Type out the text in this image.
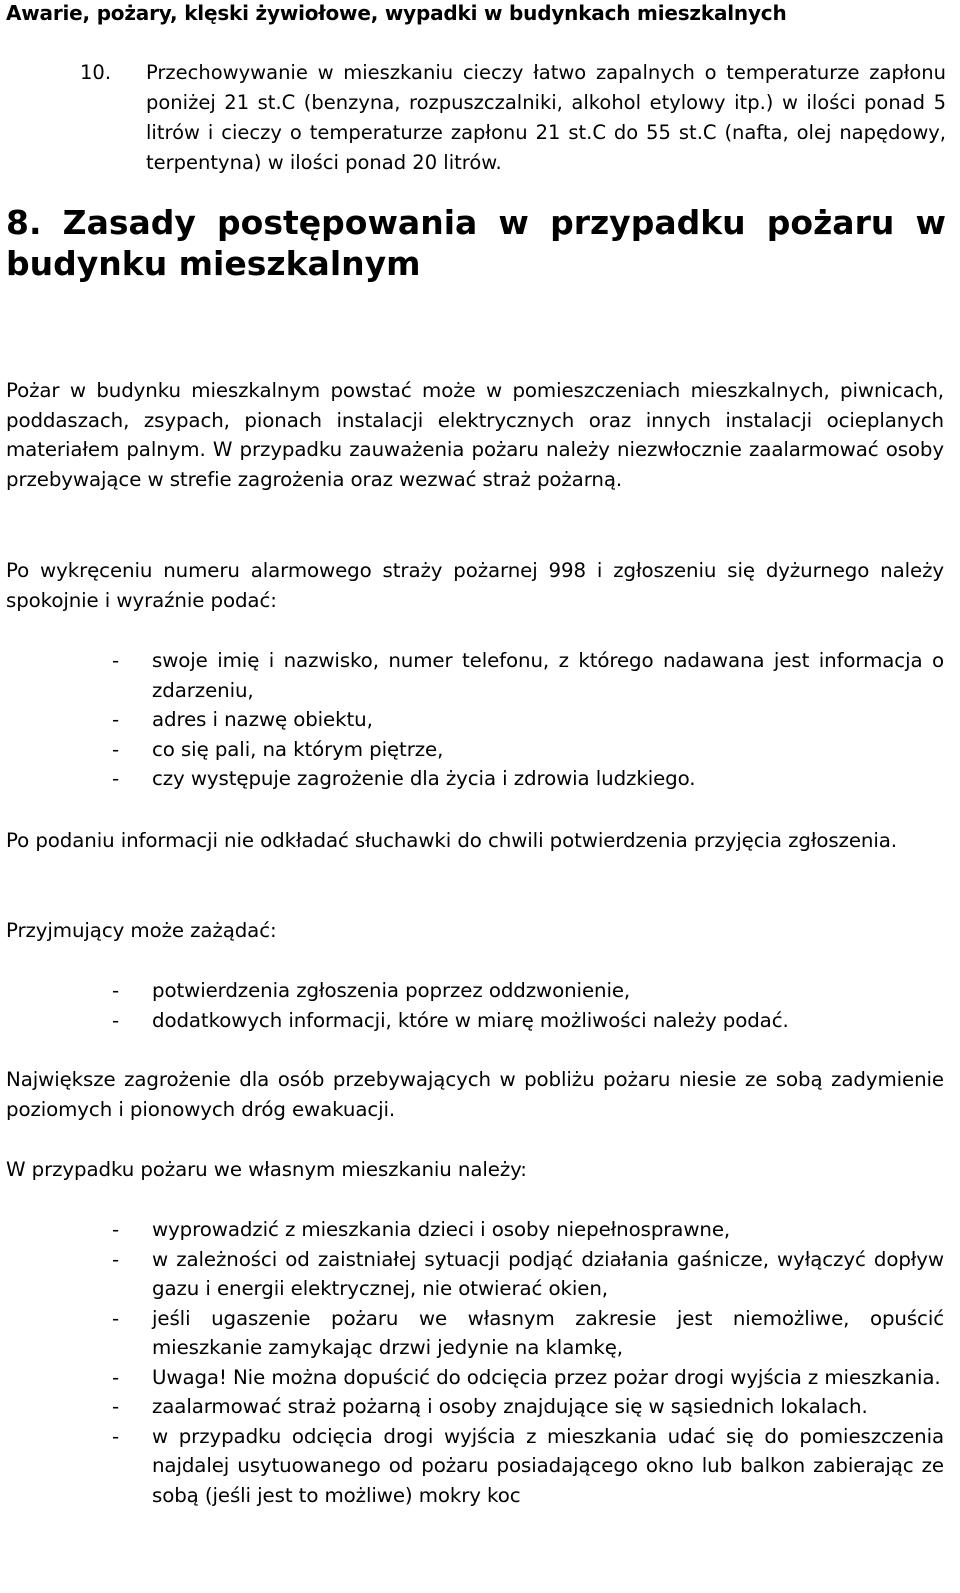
Awarie, pożary, klęski żywiołowe, wypadki w budynkach mieszkalnych
10. Przechowywanie w mieszkaniu cieczy łatwo zapalnych o temperaturze zapłonu poniżej 21 st.C (benzyna, rozpuszczalniki, alkohol etylowy itp.) w ilości ponad 5 litrów i cieczy o temperaturze zapłonu 21 st.C do 55 st.C (nafta, olej napędowy, terpentyna) w ilości ponad 20 litrów.
8. Zasady postępowania w przypadku pożaru w budynku mieszkalnym
Pożar w budynku mieszkalnym powstać może w pomieszczeniach mieszkalnych, piwnicach, poddaszach, zsypach, pionach instalacji elektrycznych oraz innych instalacji ocieplanych materiałem palnym. W przypadku zauważenia pożaru należy niezwłocznie zaalarmować osoby przebywające w strefie zagrożenia oraz wezwać straż pożarną.
Po wykręceniu numeru alarmowego straży pożarnej 998 i zgłoszeniu się dyżurnego należy spokojnie i wyraźnie podać:
- swoje imię i nazwisko, numer telefonu, z którego nadawana jest informacja o zdarzeniu,
- adres i nazwę obiektu,
- co się pali, na którym piętrze,
- czy występuje zagrożenie dla życia i zdrowia ludzkiego.
Po podaniu informacji nie odkładać słuchawki do chwili potwierdzenia przyjęcia zgłoszenia.
Przyjmujący może zażądać:
- potwierdzenia zgłoszenia poprzez oddzwonienie,
- dodatkowych informacji, które w miarę możliwości należy podać.
Największe zagrożenie dla osób przebywających w pobliżu pożaru niesie ze sobą zadymienie poziomych i pionowych dróg ewakuacji.
W przypadku pożaru we własnym mieszkaniu należy:
- wyprowadzić z mieszkania dzieci i osoby niepełnosprawne,
- w zależności od zaistniałej sytuacji podjąć działania gaśnicze, wyłączyć dopływ gazu i energii elektrycznej, nie otwierać okien,
- jeśli ugaszenie pożaru we własnym zakresie jest niemożliwe, opuścić mieszkanie zamykając drzwi jedynie na klamkę,
- Uwaga! Nie można dopuścić do odcięcia przez pożar drogi wyjścia z mieszkania.
- zaalarmować straż pożarną i osoby znajdujące się w sąsiednich lokalach.
- w przypadku odcięcia drogi wyjścia z mieszkania udać się do pomieszczenia najdalej usytuowanego od pożaru posiadającego okno lub balkon zabierając ze sobą (jeśli jest to możliwe) mokry koc
